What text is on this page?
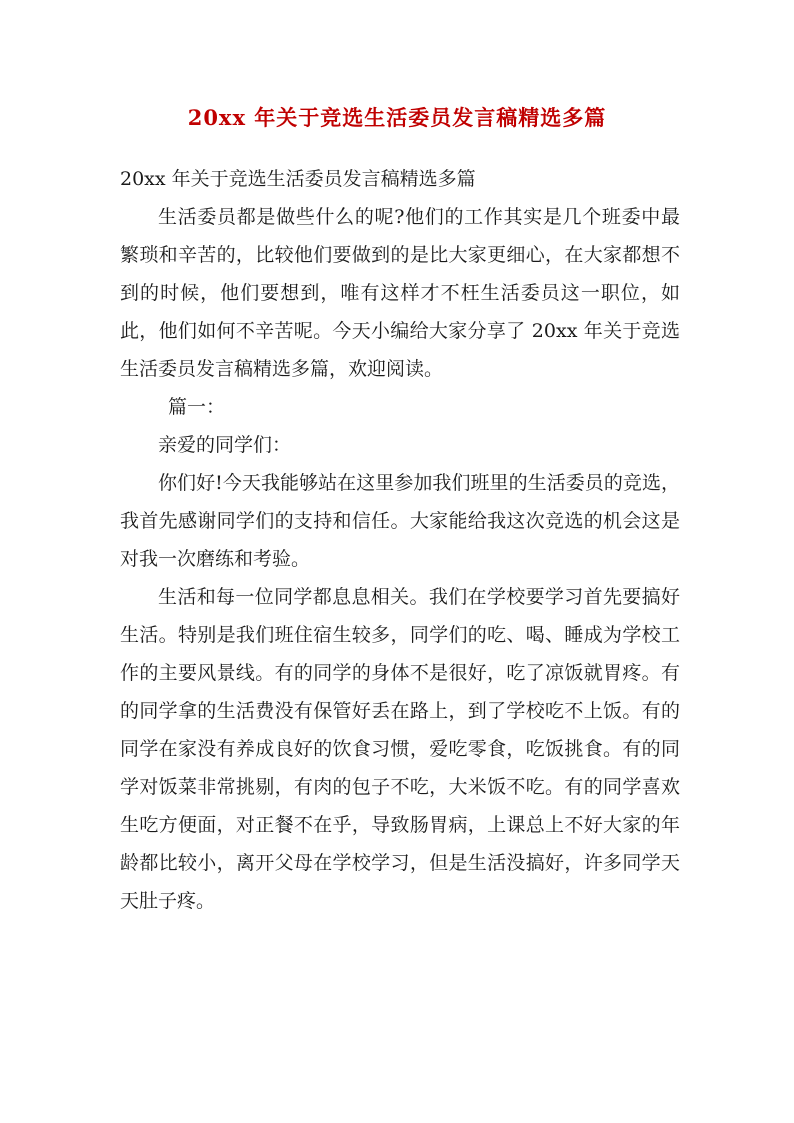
20xx 年关于竞选生活委员发言稿精选多篇

20xx 年关于竞选生活委员发言稿精选多篇

生活委员都是做些什么的呢?他们的工作其实是几个班委中最繁琐和辛苦的，比较他们要做到的是比大家更细心，在大家都想不到的时候，他们要想到，唯有这样才不枉生活委员这一职位，如此，他们如何不辛苦呢。今天小编给大家分享了 20xx 年关于竞选生活委员发言稿精选多篇，欢迎阅读。

篇一：

亲爱的同学们：

你们好!今天我能够站在这里参加我们班里的生活委员的竞选，我首先感谢同学们的支持和信任。大家能给我这次竞选的机会这是对我一次磨练和考验。

生活和每一位同学都息息相关。我们在学校要学习首先要搞好生活。特别是我们班住宿生较多，同学们的吃、喝、睡成为学校工作的主要风景线。有的同学的身体不是很好，吃了凉饭就胃疼。有的同学拿的生活费没有保管好丢在路上，到了学校吃不上饭。有的同学在家没有养成良好的饮食习惯，爱吃零食，吃饭挑食。有的同学对饭菜非常挑剔，有肉的包子不吃，大米饭不吃。有的同学喜欢生吃方便面，对正餐不在乎，导致肠胃病，上课总上不好大家的年龄都比较小，离开父母在学校学习，但是生活没搞好，许多同学天天肚子疼。
